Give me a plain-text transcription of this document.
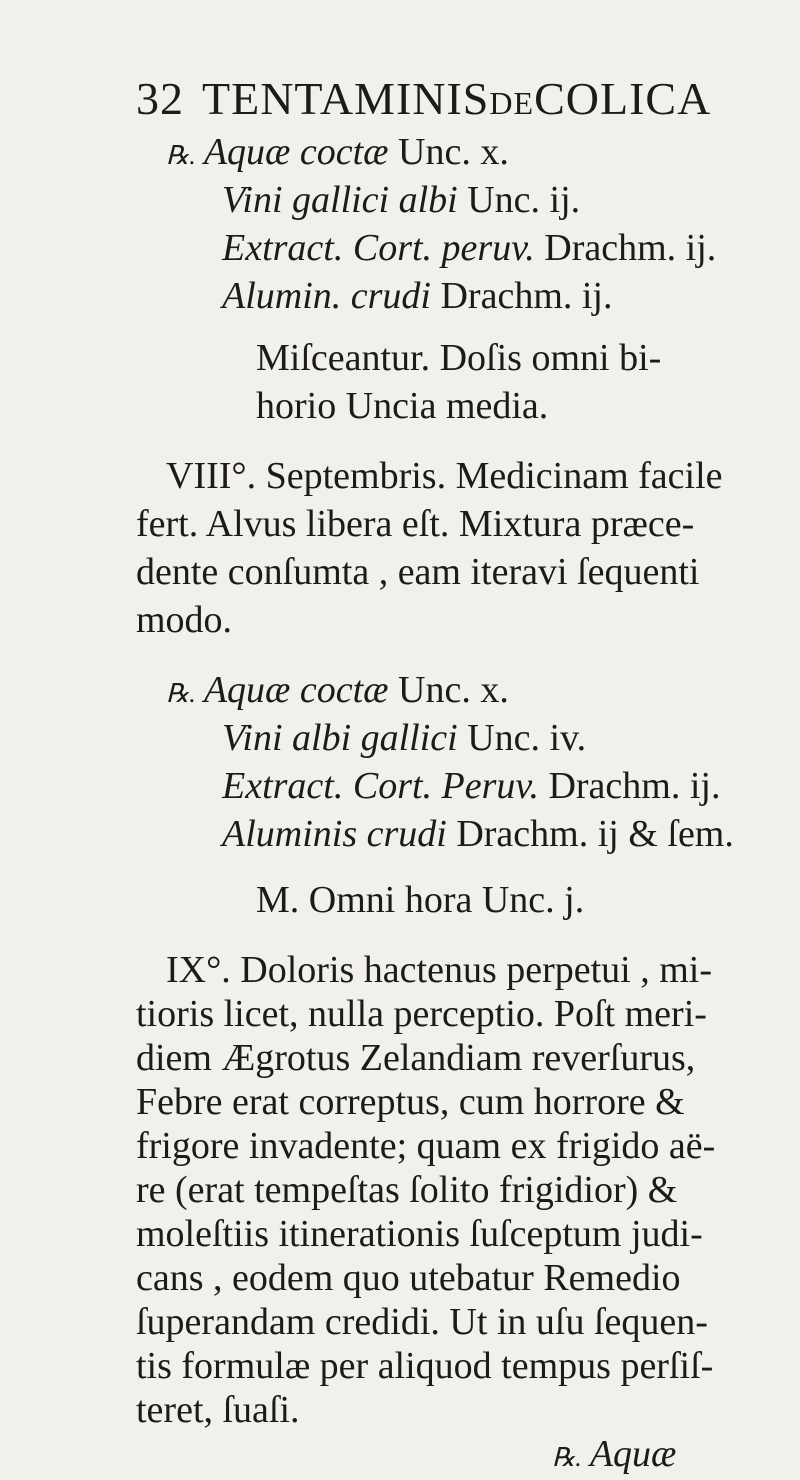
32 TENTAMINISDECOLICA
℞. Aquæ coctæ Unc. x.
Vini gallici albi Unc. ij.
Extract. Cort. peruv. Drachm. ij.
Alumin. crudi Drachm. ij.
Miſceantur. Doſis omni bi-
horio Uncia media.
VIII°. Septembris. Medicinam facile
fert. Alvus libera eſt. Mixtura præce-
dente conſumta , eam iteravi ſequenti
modo.
℞. Aquæ coctæ Unc. x.
Vini albi gallici Unc. iv.
Extract. Cort. Peruv. Drachm. ij.
Aluminis crudi Drachm. ij & ſem.
M. Omni hora Unc. j.
IX°. Doloris hactenus perpetui , mi-
tioris licet, nulla perceptio. Poſt meri-
diem Ægrotus Zelandiam reverſurus,
Febre erat correptus, cum horrore &
frigore invadente; quam ex frigido aë-
re (erat tempeſtas ſolito frigidior) &
moleſtiis itinerationis ſuſceptum judi-
cans , eodem quo utebatur Remedio
ſuperandam credidi. Ut in uſu ſequen-
tis formulæ per aliquod tempus perſiſ-
teret, ſuaſi.
℞. Aquæ
